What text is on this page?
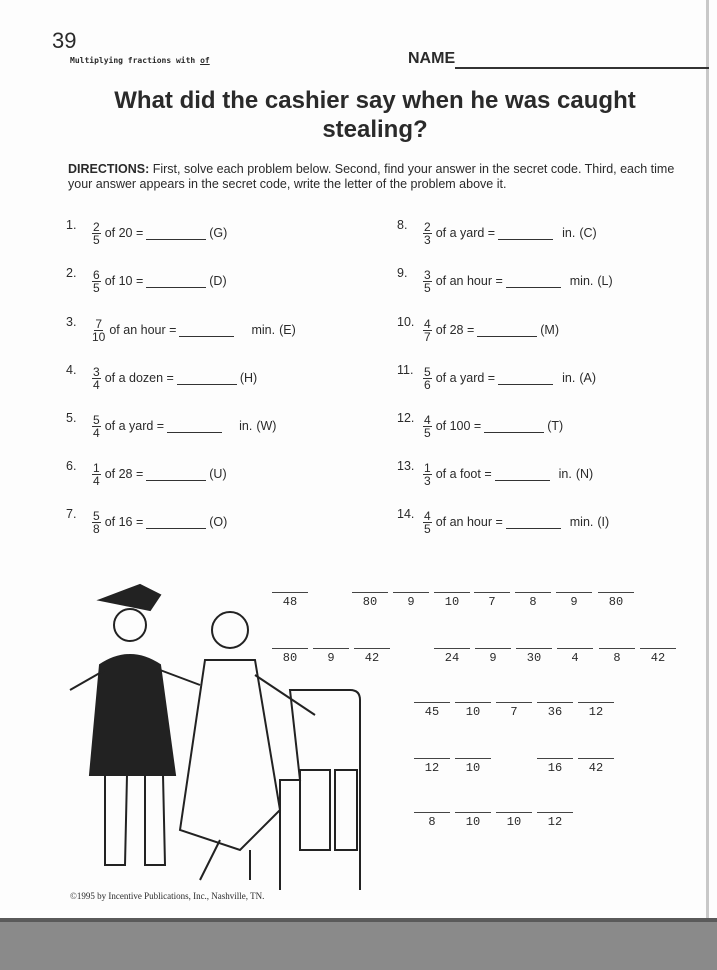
39
Multiplying fractions with of	NAME
What did the cashier say when he was caught stealing?
DIRECTIONS: First, solve each problem below. Second, find your answer in the secret code. Third, each time your answer appears in the secret code, write the letter of the problem above it.
1.	$\frac{2}{5}$ of 20 =	(G)
2.	$\frac{6}{5}$ of 10 =	(D)
3.	$\frac{7}{10}$ of an hour =	min. (E)
4.	$\frac{3}{4}$ of a dozen =	(H)
5.	$\frac{5}{4}$ of a yard =	in. (W)
6.	$\frac{1}{4}$ of 28 =	(U)
7.	$\frac{5}{8}$ of 16 =	(O)
8.	$\frac{2}{3}$ of a yard =	in. (C)
9.	$\frac{3}{5}$ of an hour =	min. (L)
10. $\frac{4}{7}$ of 28 =	(M)
11. $\frac{5}{6}$ of a yard =	in. (A)
12. $\frac{4}{5}$ of 100 =	(T)
13. $\frac{1}{3}$ of a foot =	in. (N)
14. $\frac{4}{5}$ of an hour =	min. (I)
48	80	9	10	7	8	9	80
80	9	42	24	9	30	4	8	42
45	10	7	36	12
12	10	16	42
8	10	10	12
©1995 by Incentive Publications, Inc., Nashville, TN.
